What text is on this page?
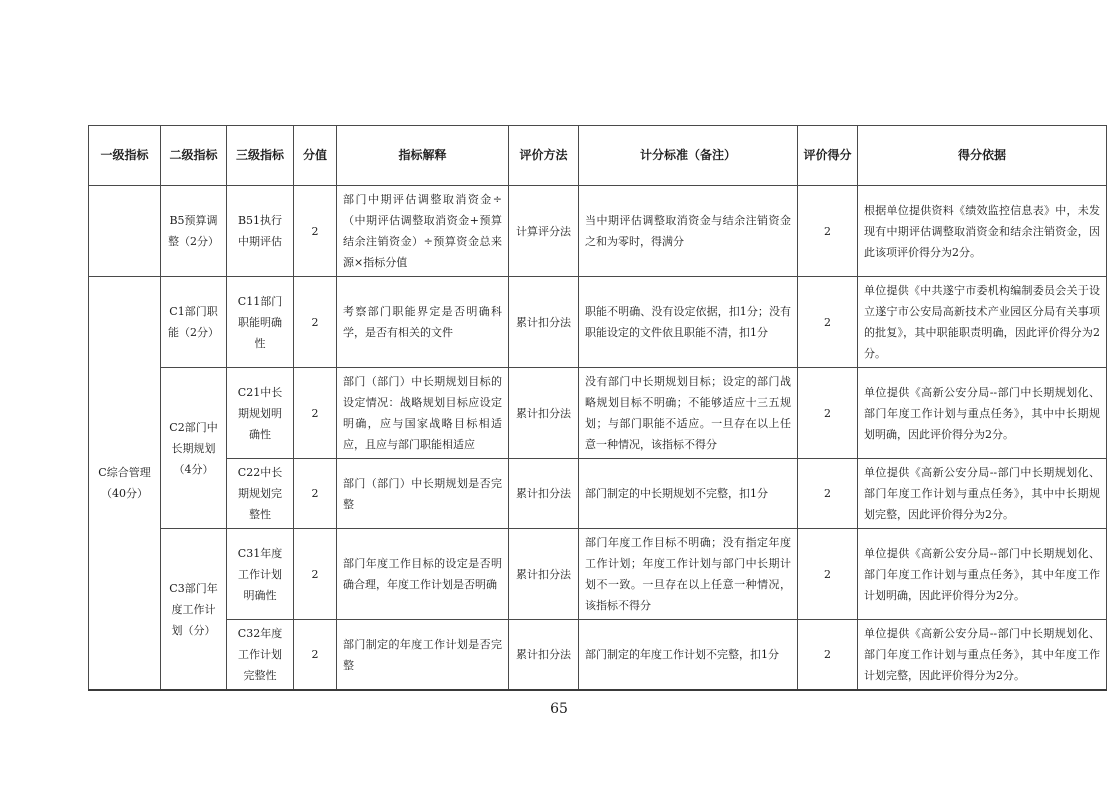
一级指标	二级指标	三级指标	分值	指标解释	评价方法	计分标准（备注）	评价得分	得分依据
	B5预算调整（2分）	B51执行中期评估	2	部门中期评估调整取消资金÷（中期评估调整取消资金+预算结余注销资金）÷预算资金总来源×指标分值	计算评分法	当中期评估调整取消资金与结余注销资金之和为零时，得满分	2	根据单位提供资料《绩效监控信息表》中，未发现有中期评估调整取消资金和结余注销资金，因此该项评价得分为2分。
C综合管理（40分）	C1部门职能（2分）	C11部门职能明确性	2	考察部门职能界定是否明确科学，是否有相关的文件	累计扣分法	职能不明确、没有设定依据，扣1分；没有职能设定的文件依且职能不清，扣1分	2	单位提供《中共遂宁市委机构编制委员会关于设立遂宁市公安局高新技术产业园区分局有关事项的批复》，其中职能职责明确，因此评价得分为2分。
	C2部门中长期规划（4分）	C21中长期规划明确性	2	部门（部门）中长期规划目标的设定情况：战略规划目标应设定明确，应与国家战略目标相适应，且应与部门职能相适应	累计扣分法	没有部门中长期规划目标；设定的部门战略规划目标不明确；不能够适应十三五规划；与部门职能不适应。一旦存在以上任意一种情况，该指标不得分	2	单位提供《高新公安分局--部门中长期规划化、部门年度工作计划与重点任务》，其中中长期规划明确，因此评价得分为2分。
		C22中长期规划完整性	2	部门（部门）中长期规划是否完整	累计扣分法	部门制定的中长期规划不完整，扣1分	2	单位提供《高新公安分局--部门中长期规划化、部门年度工作计划与重点任务》，其中中长期规划完整，因此评价得分为2分。
	C3部门年度工作计划（分）	C31年度工作计划明确性	2	部门年度工作目标的设定是否明确合理，年度工作计划是否明确	累计扣分法	部门年度工作目标不明确；没有指定年度工作计划；年度工作计划与部门中长期计划不一致。一旦存在以上任意一种情况，该指标不得分	2	单位提供《高新公安分局--部门中长期规划化、部门年度工作计划与重点任务》，其中年度工作计划明确，因此评价得分为2分。
		C32年度工作计划完整性	2	部门制定的年度工作计划是否完整	累计扣分法	部门制定的年度工作计划不完整，扣1分	2	单位提供《高新公安分局--部门中长期规划化、部门年度工作计划与重点任务》，其中年度工作计划完整，因此评价得分为2分。
65
